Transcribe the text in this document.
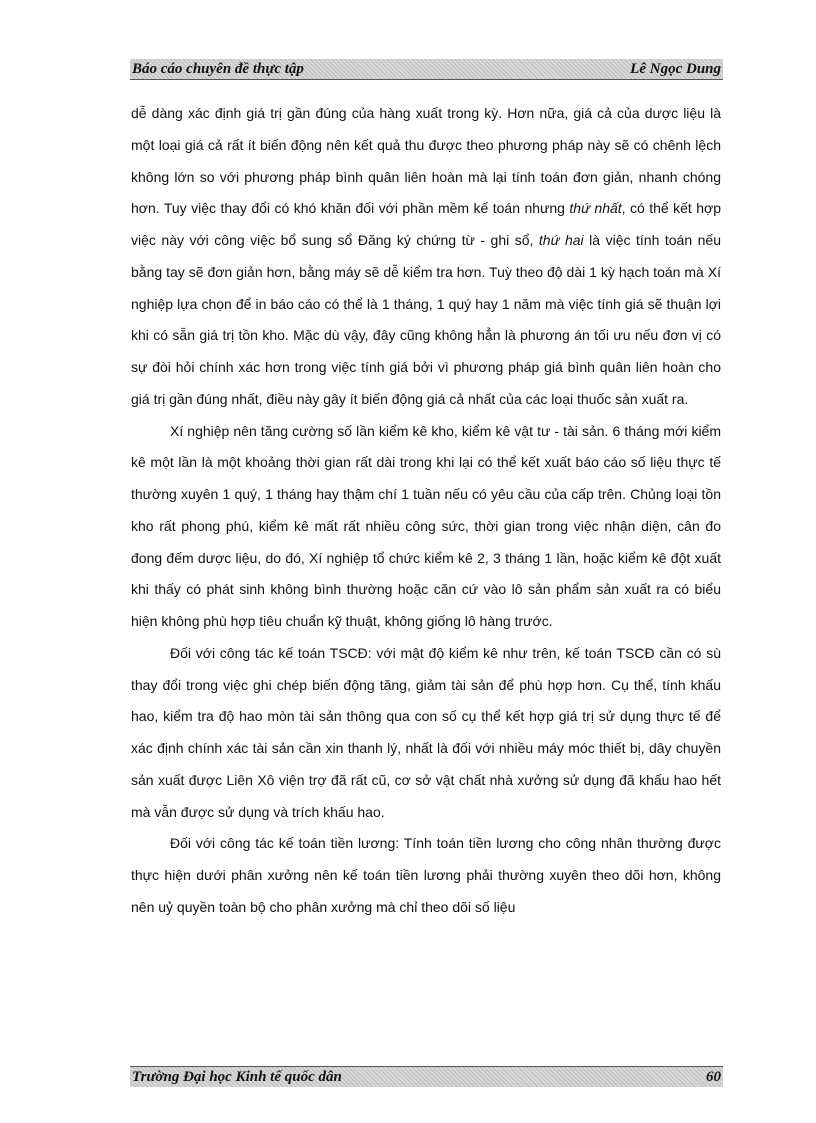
Báo cáo chuyên đề thực tập	Lê Ngọc Dung

dễ dàng xác định giá trị gần đúng của hàng xuất trong kỳ. Hơn nữa, giá cả của dược liệu là một loại giá cả rất ít biến động nên kết quả thu được theo phương pháp này sẽ có chênh lệch không lớn so với phương pháp bình quân liên hoàn mà lại tính toán đơn giản, nhanh chóng hơn. Tuy việc thay đổi có khó khăn đối với phần mềm kế toán nhưng thứ nhất, có thể kết hợp việc này với công việc bổ sung sổ Đăng ký chứng từ - ghi sổ, thứ hai là việc tính toán nếu bằng tay sẽ đơn giản hơn, bằng máy sẽ dễ kiểm tra hơn. Tuỳ theo độ dài 1 kỳ hạch toán mà Xí nghiệp lựa chọn để in báo cáo có thể là 1 tháng, 1 quý hay 1 năm mà việc tính giá sẽ thuận lợi khi có sẵn giá trị tồn kho. Mặc dù vậy, đây cũng không hẳn là phương án tối ưu nếu đơn vị có sự đòi hỏi chính xác hơn trong việc tính giá bởi vì phương pháp giá bình quân liên hoàn cho giá trị gần đúng nhất, điều này gây ít biến động giá cả nhất của các loại thuốc sản xuất ra.

Xí nghiệp nên tăng cường số lần kiểm kê kho, kiểm kê vật tư - tài sản. 6 tháng mới kiểm kê một lần là một khoảng thời gian rất dài trong khi lại có thể kết xuất báo cáo số liệu thực tế thường xuyên 1 quý, 1 tháng hay thậm chí 1 tuần nếu có yêu cầu của cấp trên. Chủng loại tồn kho rất phong phú, kiểm kê mất rất nhiều công sức, thời gian trong việc nhận diện, cân đo đong đếm dược liệu, do đó, Xí nghiệp tổ chức kiểm kê 2, 3 tháng 1 lần, hoặc kiểm kê đột xuất khi thấy có phát sinh không bình thường hoặc căn cứ vào lô sản phẩm sản xuất ra có biểu hiện không phù hợp tiêu chuẩn kỹ thuật, không giống lô hàng trước.

Đối với công tác kế toán TSCĐ: với mật độ kiểm kê như trên, kế toán TSCĐ cần có sù thay đổi trong việc ghi chép biến động tăng, giảm tài sản để phù hợp hơn. Cụ thể, tính khấu hao, kiểm tra độ hao mòn tài sản thông qua con số cụ thể kết hợp giá trị sử dụng thực tế để xác định chính xác tài sản cần xin thanh lý, nhất là đối với nhiều máy móc thiết bị, dây chuyền sản xuất được Liên Xô viện trợ đã rất cũ, cơ sở vật chất nhà xưởng sử dụng đã khấu hao hết mà vẫn được sử dụng và trích khấu hao.

Đối với công tác kế toán tiền lương: Tính toán tiền lương cho công nhân thường được thực hiện dưới phân xưởng nên kế toán tiền lương phải thường xuyên theo dõi hơn, không nên uỷ quyền toàn bộ cho phân xưởng mà chỉ theo dõi số liệu

Trường Đại học Kinh tế quốc dân	60
